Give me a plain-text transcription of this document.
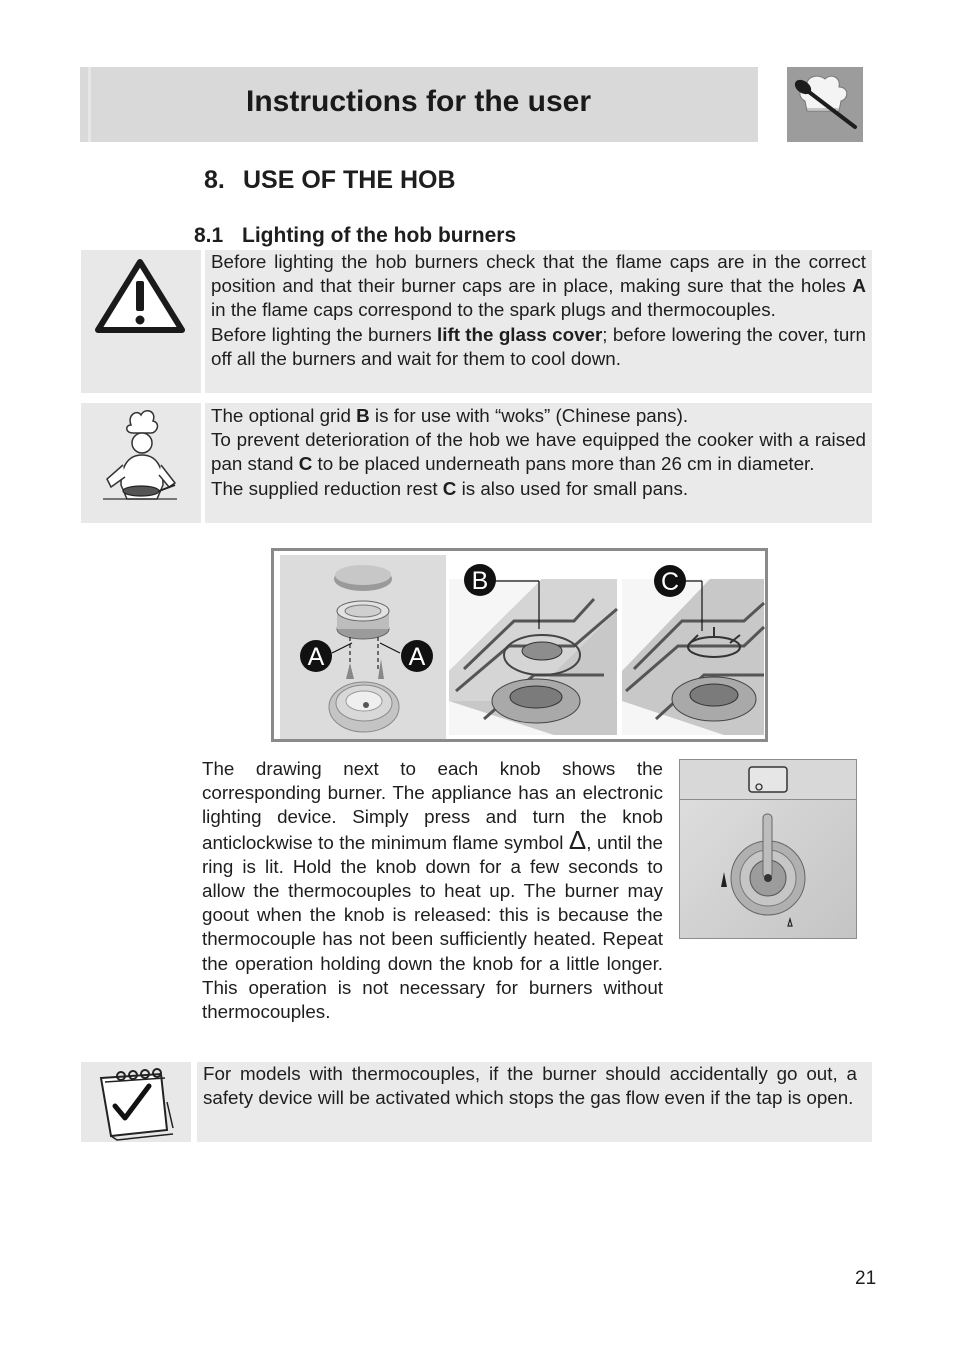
Instructions for the user
8. USE OF THE HOB
8.1 Lighting of the hob burners

Before lighting the hob burners check that the flame caps are in the correct position and that their burner caps are in place, making sure that the holes A in the flame caps correspond to the spark plugs and thermocouples.

Before lighting the burners lift the glass cover; before lowering the cover, turn off all the burners and wait for them to cool down.

The optional grid B is for use with “woks” (Chinese pans).

To prevent deterioration of the hob we have equipped the cooker with a raised pan stand C to be placed underneath pans more than 26 cm in diameter.

The supplied reduction rest C is also used for small pans.

A	A
B	C

The drawing next to each knob shows the corresponding burner. The appliance has an electronic lighting device. Simply press and turn the knob anticlockwise to the minimum flame symbol Δ, until the ring is lit. Hold the knob down for a few seconds to allow the thermocouples to heat up. The burner may goout when the knob is released: this is because the thermocouple has not been sufficiently heated. Repeat the operation holding down the knob for a little longer. This operation is not necessary for burners without thermocouples.

For models with thermocouples, if the burner should accidentally go out, a safety device will be activated which stops the gas flow even if the tap is open.

21
